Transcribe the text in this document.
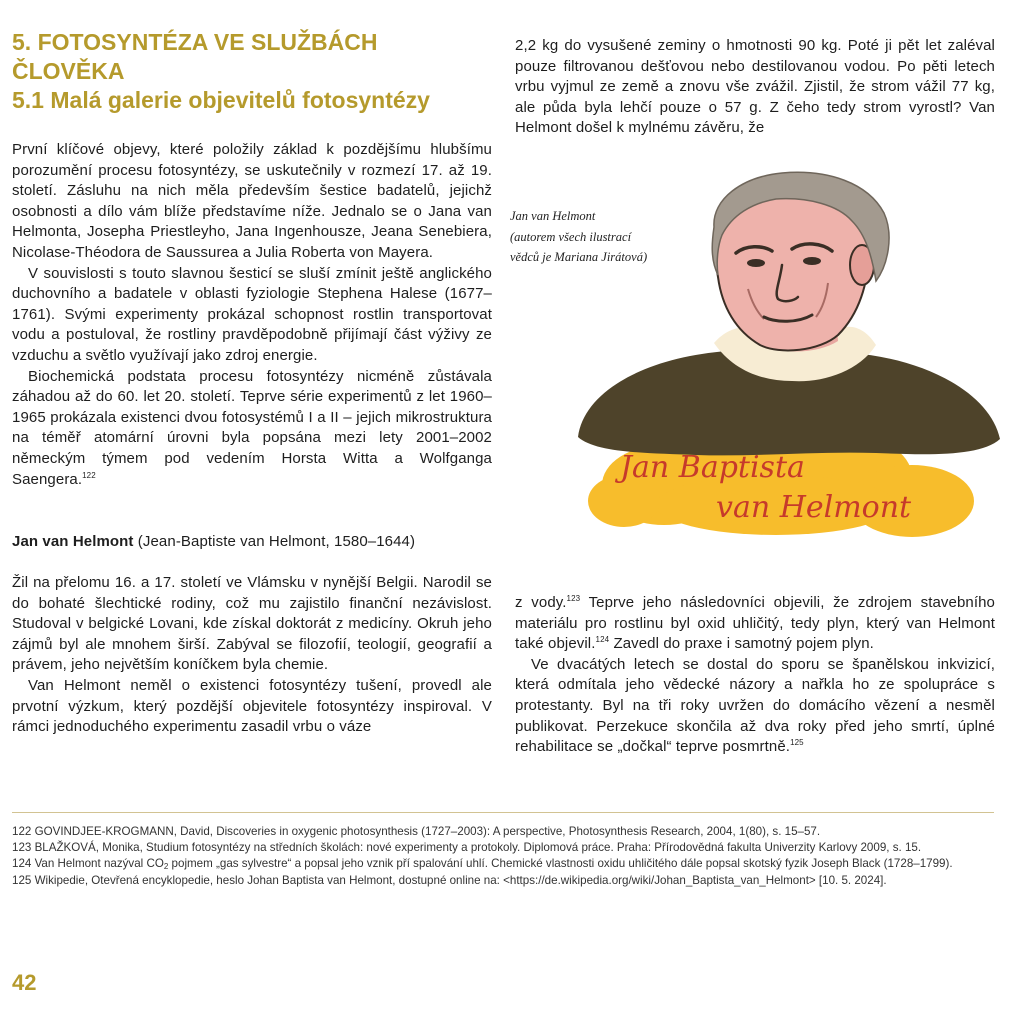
5. FOTOSYNTÉZA VE SLUŽBÁCH
ČLOVĚKA
5.1 Malá galerie objevitelů fotosyntézy

První klíčové objevy, které položily základ k pozdějšímu hlubšímu porozumění procesu fotosyntézy, se uskutečnily v rozmezí 17. až 19. století. Zásluhu na nich měla především šestice badatelů, jejichž osobnosti a dílo vám blíže představíme níže. Jednalo se o Jana van Helmonta, Josepha Priestleyho, Jana Ingenhousze, Jeana Senebiera, Nicolase-Théodora de Saussurea a Julia Roberta von Mayera.

V souvislosti s touto slavnou šesticí se sluší zmínit ještě anglického duchovního a badatele v oblasti fyziologie Stephena Halese (1677–1761). Svými experimenty prokázal schopnost rostlin transportovat vodu a postuloval, že rostliny pravděpodobně přijímají část výživy ze vzduchu a světlo využívají jako zdroj energie.

Biochemická podstata procesu fotosyntézy nicméně zůstávala záhadou až do 60. let 20. století. Teprve série experimentů z let 1960–1965 prokázala existenci dvou fotosystémů I a II – jejich mikrostruktura na téměř atomární úrovni byla popsána mezi lety 2001–2002 německým týmem pod vedením Horsta Witta a Wolfganga Saengera.$^{122}$

Jan van Helmont (Jean-Baptiste van Helmont, 1580–1644)

Žil na přelomu 16. a 17. století ve Vlámsku v nynější Belgii. Narodil se do bohaté šlechtické rodiny, což mu zajistilo finanční nezávislost. Studoval v belgické Lovani, kde získal doktorát z medicíny. Okruh jeho zájmů byl ale mnohem širší. Zabýval se filozofií, teologií, geografií a právem, jeho největším koníčkem byla chemie.

Van Helmont neměl o existenci fotosyntézy tušení, provedl ale prvotní výzkum, který pozdější objevitele fotosyntézy inspiroval. V rámci jednoduchého experimentu zasadil vrbu o váze

2,2 kg do vysušené zeminy o hmotnosti 90 kg. Poté ji pět let zaléval pouze filtrovanou dešťovou nebo destilovanou vodou. Po pěti letech vrbu vyjmul ze země a znovu vše zvážil. Zjistil, že strom vážil 77 kg, ale půda byla lehčí pouze o 57 g. Z čeho tedy strom vyrostl? Van Helmont došel k mylnému závěru, že

Jan van Helmont
(autorem všech ilustrací
vědců je Mariana Jirátová)
Jan Baptista van Helmont

z vody.$^{123}$ Teprve jeho následovníci objevili, že zdrojem stavebního materiálu pro rostlinu byl oxid uhličitý, tedy plyn, který van Helmont také objevil.$^{124}$ Zavedl do praxe i samotný pojem plyn.

Ve dvacátých letech se dostal do sporu se španělskou inkvizicí, která odmítala jeho vědecké názory a nařkla ho ze spolupráce s protestanty. Byl na tři roky uvržen do domácího vězení a nesměl publikovat. Perzekuce skončila až dva roky před jeho smrtí, úplné rehabilitace se „dočkal“ teprve posmrtně.$^{125}$

122 GOVINDJEE-KROGMANN, David, Discoveries in oxygenic photosynthesis (1727–2003): A perspective, Photosynthesis Research, 2004, 1(80), s. 15–57.
123 BLAŽKOVÁ, Monika, Studium fotosyntézy na středních školách: nové experimenty a protokoly. Diplomová práce. Praha: Přírodovědná fakulta Univerzity Karlovy 2009, s. 15.
124 Van Helmont nazýval $CO_2$ pojmem „gas sylvestre“ a popsal jeho vznik pří spalování uhlí. Chemické vlastnosti oxidu uhličitého dále popsal skotský fyzik Joseph Black (1728–1799).
125 Wikipedie, Otevřená encyklopedie, heslo Johan Baptista van Helmont, dostupné online na: <https://de.wikipedia.org/wiki/Johan_Baptista_van_Helmont> [10. 5. 2024].
42
